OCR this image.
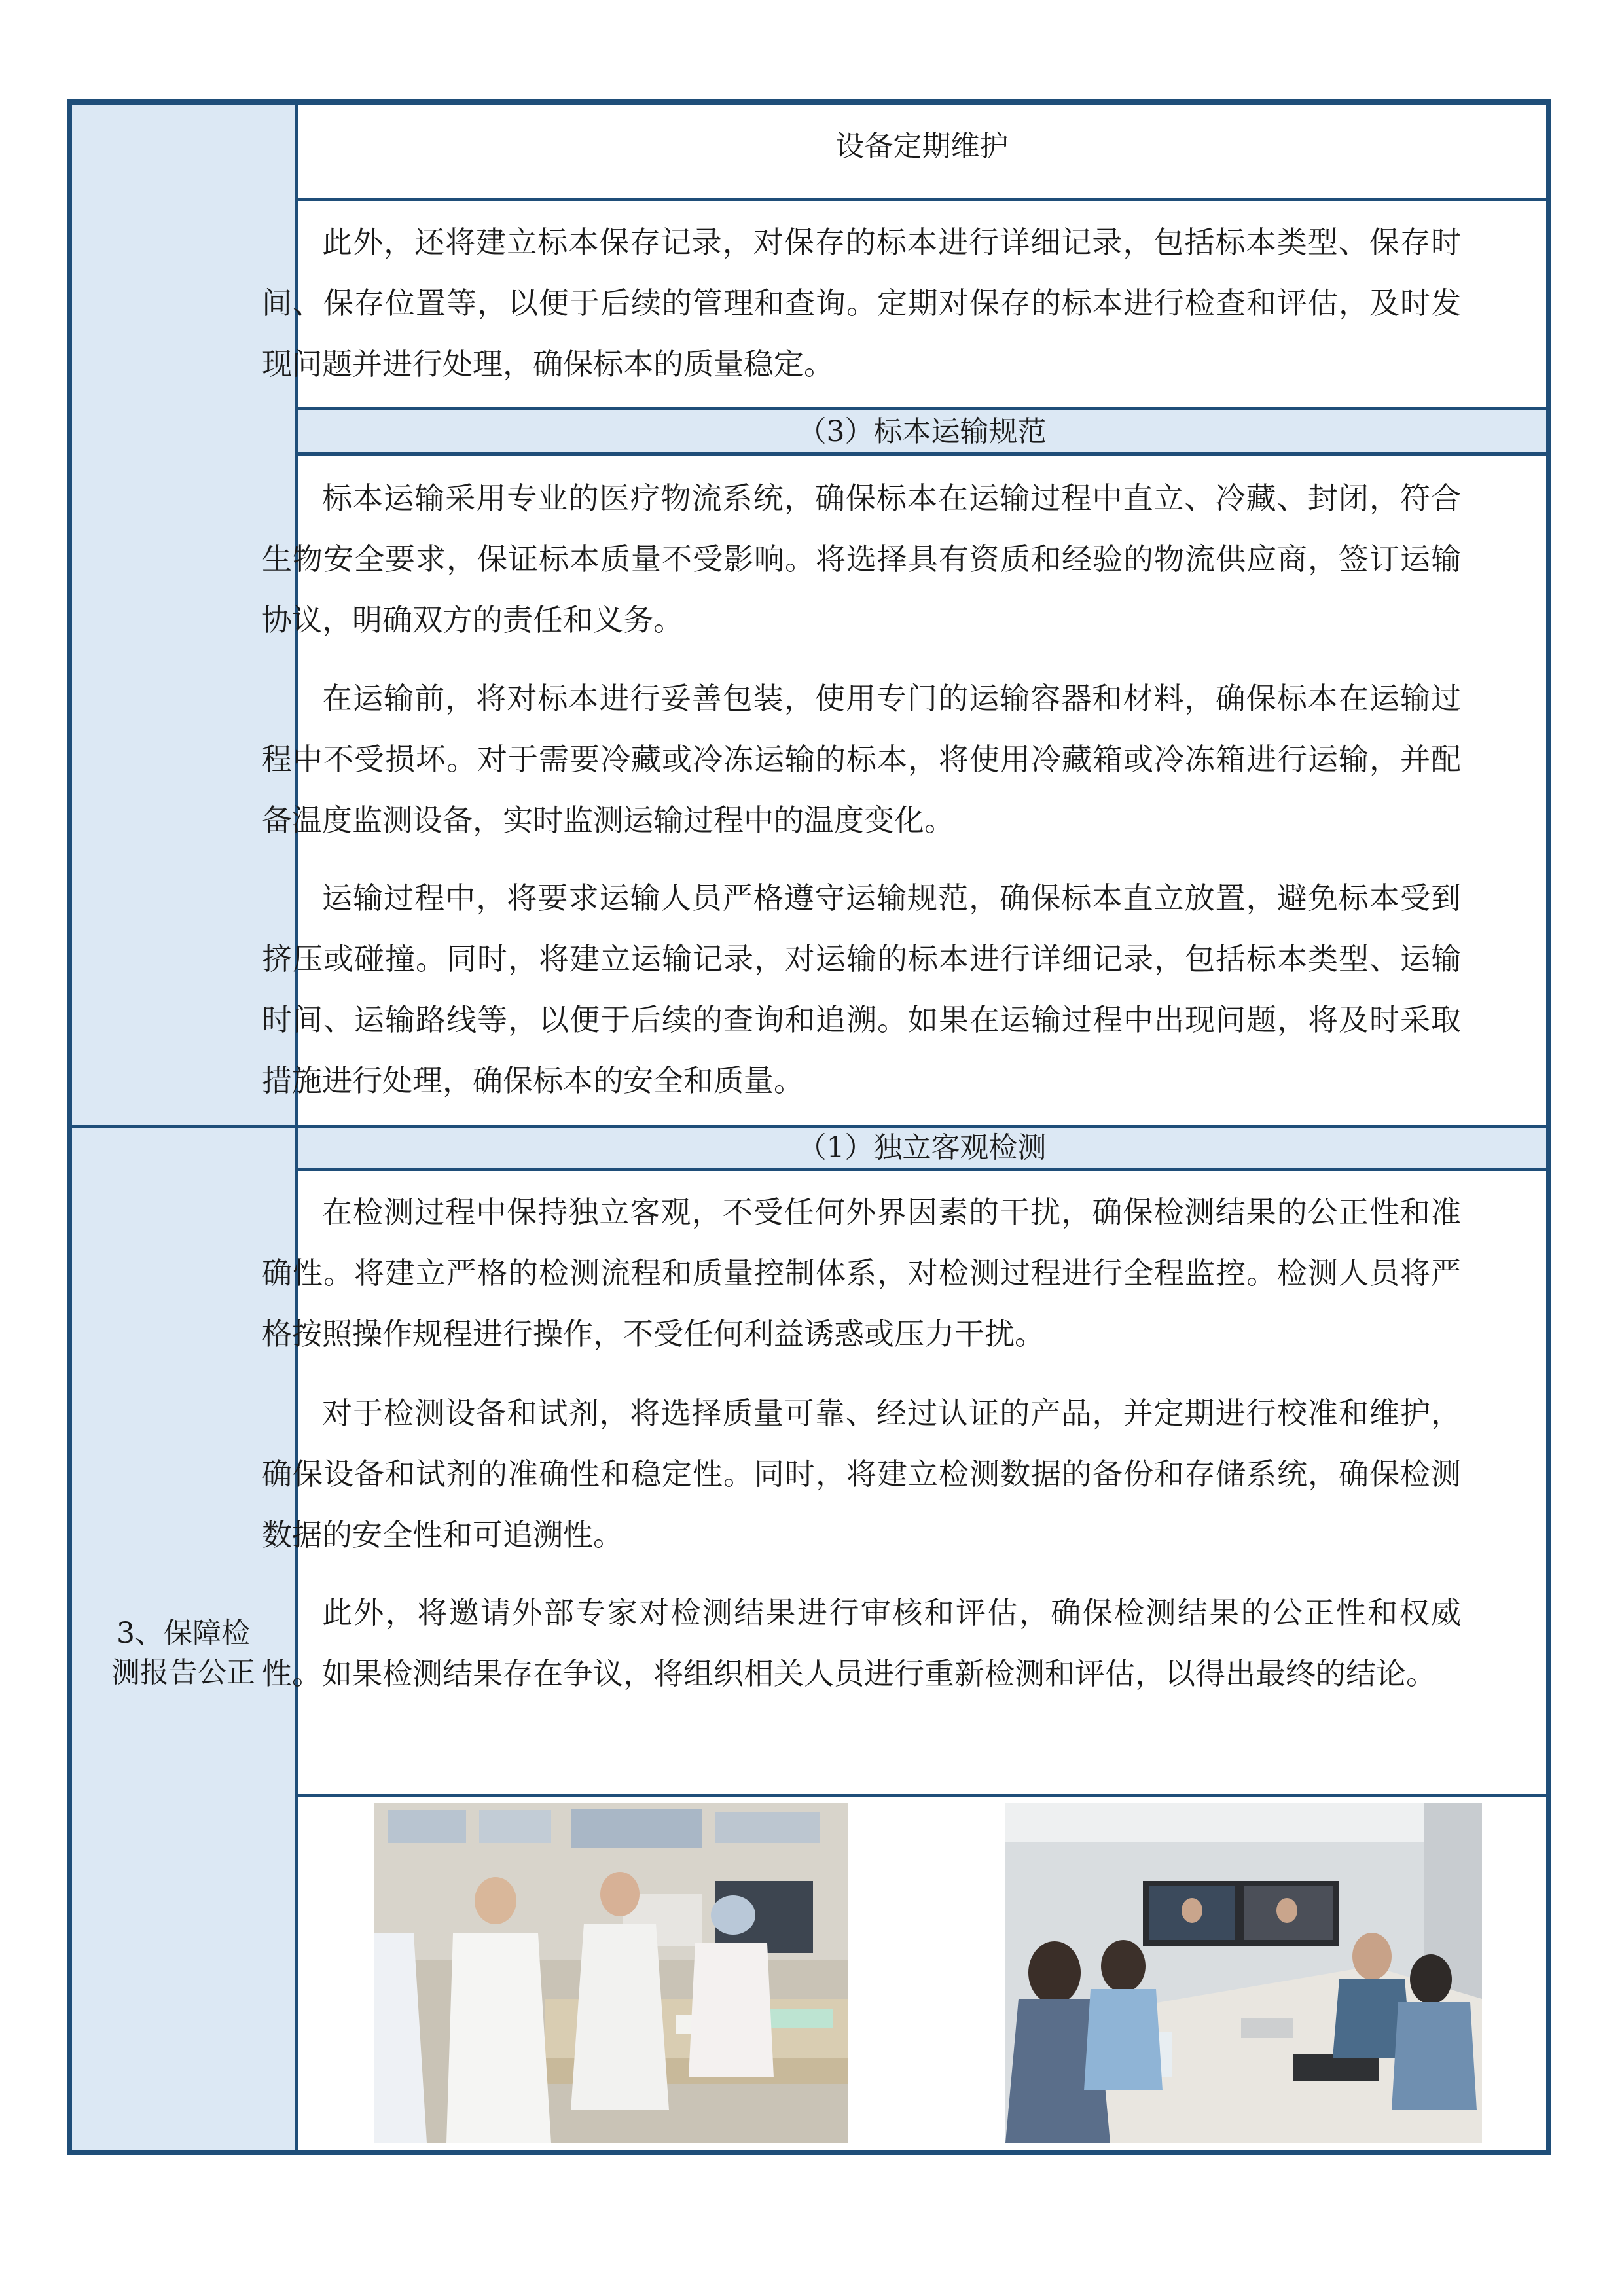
设备定期维护

此外，还将建立标本保存记录，对保存的标本进行详细记录，包括标本类型、保存时间、保存位置等，以便于后续的管理和查询。定期对保存的标本进行检查和评估，及时发现问题并进行处理，确保标本的质量稳定。

（3）标本运输规范

标本运输采用专业的医疗物流系统，确保标本在运输过程中直立、冷藏、封闭，符合生物安全要求，保证标本质量不受影响。将选择具有资质和经验的物流供应商，签订运输协议，明确双方的责任和义务。

在运输前，将对标本进行妥善包装，使用专门的运输容器和材料，确保标本在运输过程中不受损坏。对于需要冷藏或冷冻运输的标本，将使用冷藏箱或冷冻箱进行运输，并配备温度监测设备，实时监测运输过程中的温度变化。

运输过程中，将要求运输人员严格遵守运输规范，确保标本直立放置，避免标本受到挤压或碰撞。同时，将建立运输记录，对运输的标本进行详细记录，包括标本类型、运输时间、运输路线等，以便于后续的查询和追溯。如果在运输过程中出现问题，将及时采取措施进行处理，确保标本的安全和质量。

（1）独立客观检测

在检测过程中保持独立客观，不受任何外界因素的干扰，确保检测结果的公正性和准确性。将建立严格的检测流程和质量控制体系，对检测过程进行全程监控。检测人员将严格按照操作规程进行操作，不受任何利益诱惑或压力干扰。

对于检测设备和试剂，将选择质量可靠、经过认证的产品，并定期进行校准和维护，确保设备和试剂的准确性和稳定性。同时，将建立检测数据的备份和存储系统，确保检测数据的安全性和可追溯性。

此外，将邀请外部专家对检测结果进行审核和评估，确保检测结果的公正性和权威性。如果检测结果存在争议，将组织相关人员进行重新检测和评估，以得出最终的结论。

3、保障检
测报告公正
